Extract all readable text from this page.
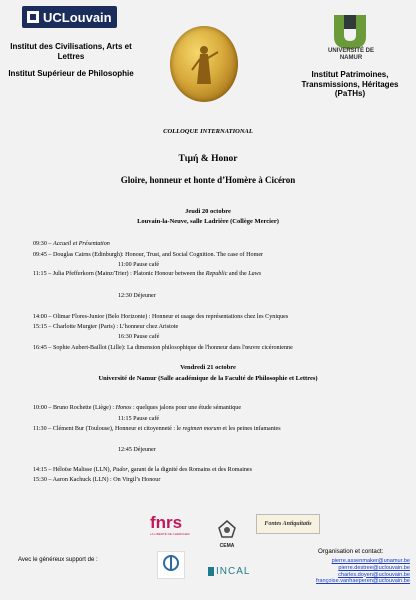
UCLouvain
Institut des Civilisations, Arts et Lettres
Institut Supérieur de Philosophie
UNIVERSITÉ DE NAMUR
Institut Patrimoines, Transmissions, Héritages (PaTHs)
COLLOQUE INTERNATIONAL
Τιμή & Honor
Gloire, honneur et honte d’Homère à Cicéron
Jeudi 20 octobre
Louvain-la-Neuve, salle Ladrière (Collège Mercier)
09:30 – Accueil et Présentation
09:45 – Douglas Cairns (Edinburgh): Honour, Trust, and Social Cognition. The case of Homer
11:00 Pause café
11:15 – Julia Pfefferkorn (Mainz/Trier) : Platonic Honour between the Republic and the Laws
12:30 Déjeuner
14:00 – Olimar Flores-Junior (Belo Horizonte) : Honneur et usage des représentations chez les Cyniques
15:15 – Charlotte Murgier (Paris) : L’honneur chez Aristote
16:30 Pause café
16:45 – Sophie Aubert-Baillot (Lille): La dimension philosophique de l'honneur dans l'œuvre cicéronienne
Vendredi 21 octobre
Université de Namur (Salle académique de la Faculté de Philosophie et Lettres)
10:00 – Bruno Rochette (Liège) : Honos : quelques jalons pour une étude sémantique
11:15 Pause café
11:30 – Clément Bur (Toulouse), Honneur et citoyenneté : le regimen morum et les peines infamantes
12:45 Déjeuner
14:15 – Héloïse Malisse (LLN), Pudor, garant de la dignité des Romains et des Romaines
15:30 – Aaron Kachuck (LLN) : On Virgil’s Honour
fnrs
LA LIBERTÉ DE CHERCHER
CEMA
Fontes Antiquitatis
Avec le généreux support de :
INCAL
Organisation et contact:
pierre.assenmaker@unamur.be
pierre.destree@uclouvain.be
charles.doyen@uclouvain.be
françoise.vanhaeperen@uclouvain.be
